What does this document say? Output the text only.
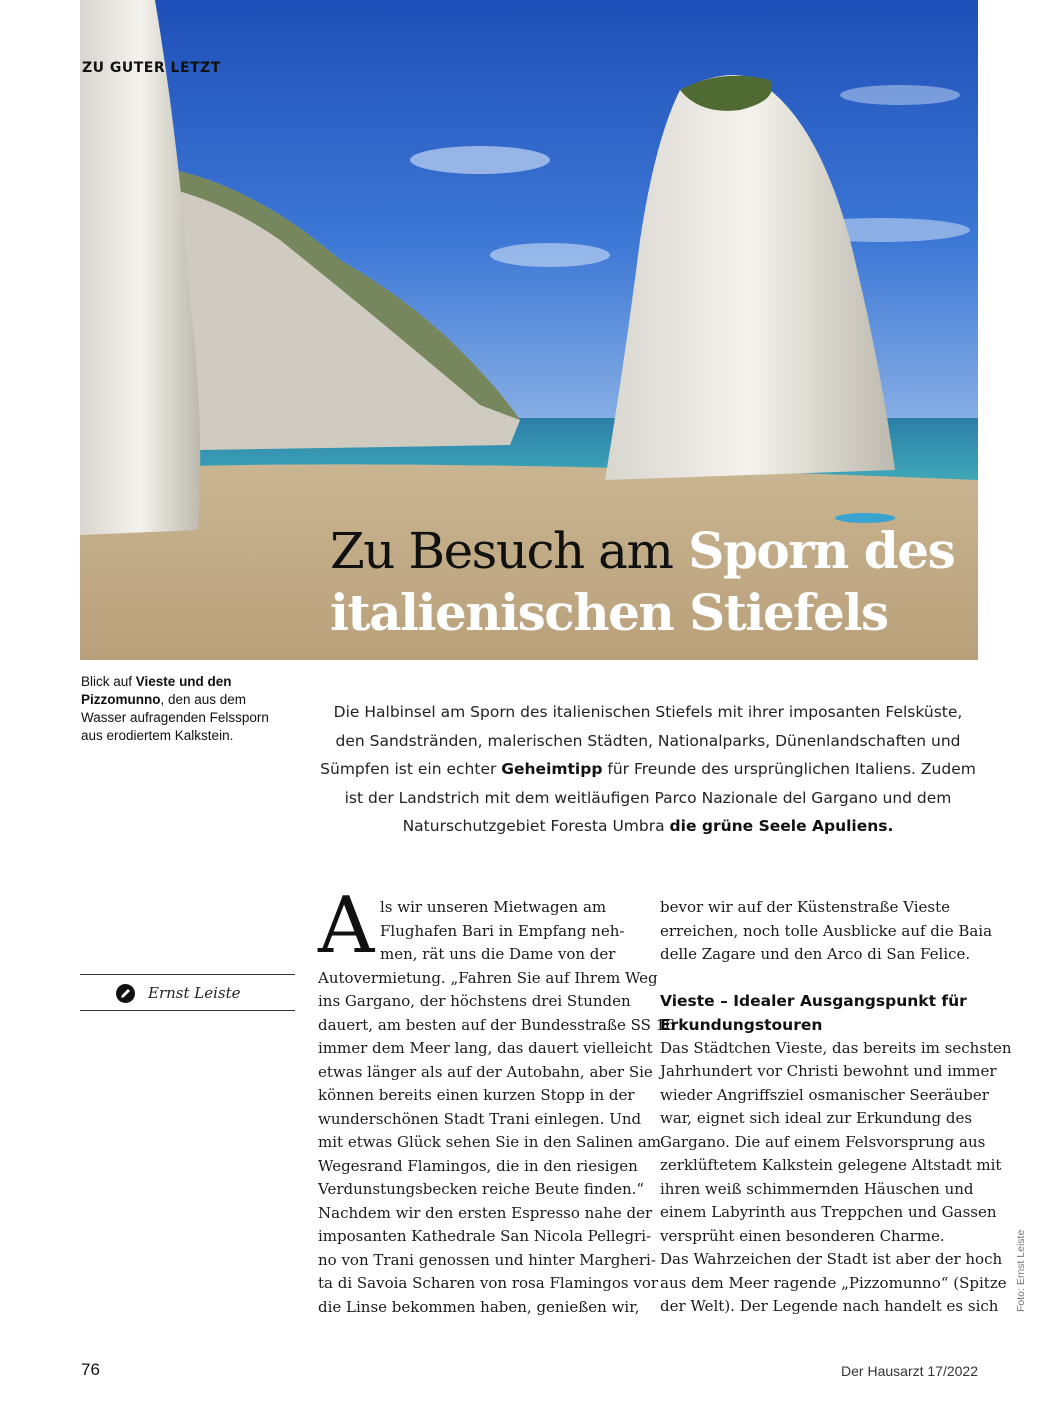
ZU GUTER LETZT
Zu Besuch am Sporn des
italienischen Stiefels

Blick auf Vieste und den Pizzomunno, den aus dem Wasser aufragenden Felssporn aus erodiertem Kalkstein.

Die Halbinsel am Sporn des italienischen Stiefels mit ihrer imposanten Felsküste, den Sandstränden, malerischen Städten, Nationalparks, Dünenlandschaften und Sümpfen ist ein echter Geheimtipp für Freunde des ursprünglichen Italiens. Zudem ist der Landstrich mit dem weitläufigen Parco Nazionale del Gargano und dem Naturschutzgebiet Foresta Umbra die grüne Seele Apuliens.

Ernst Leiste
A ls wir unseren Mietwagen am
Flughafen Bari in Empfang neh-
men, rät uns die Dame von der
Autovermietung. „Fahren Sie auf Ihrem Weg
ins Gargano, der höchstens drei Stunden
dauert, am besten auf der Bundesstraße SS 16
immer dem Meer lang, das dauert vielleicht
etwas länger als auf der Autobahn, aber Sie
können bereits einen kurzen Stopp in der
wunderschönen Stadt Trani einlegen. Und
mit etwas Glück sehen Sie in den Salinen am
Wegesrand Flamingos, die in den riesigen
Verdunstungsbecken reiche Beute finden.“
Nachdem wir den ersten Espresso nahe der
imposanten Kathedrale San Nicola Pellegri-
no von Trani genossen und hinter Margheri-
ta di Savoia Scharen von rosa Flamingos vor
die Linse bekommen haben, genießen wir,
bevor wir auf der Küstenstraße Vieste
erreichen, noch tolle Ausblicke auf die Baia
delle Zagare und den Arco di San Felice.
Vieste – Idealer Ausgangspunkt für
Erkundungstouren
Das Städtchen Vieste, das bereits im sechsten
Jahrhundert vor Christi bewohnt und immer
wieder Angriffsziel osmanischer Seeräuber
war, eignet sich ideal zur Erkundung des
Gargano. Die auf einem Felsvorsprung aus
zerklüftetem Kalkstein gelegene Altstadt mit
ihren weiß schimmernden Häuschen und
einem Labyrinth aus Treppchen und Gassen
versprüht einen besonderen Charme.
Das Wahrzeichen der Stadt ist aber der hoch
aus dem Meer ragende „Pizzomunno“ (Spitze
der Welt). Der Legende nach handelt es sich Foto: Ernst Leiste
76	Der Hausarzt 17/2022
